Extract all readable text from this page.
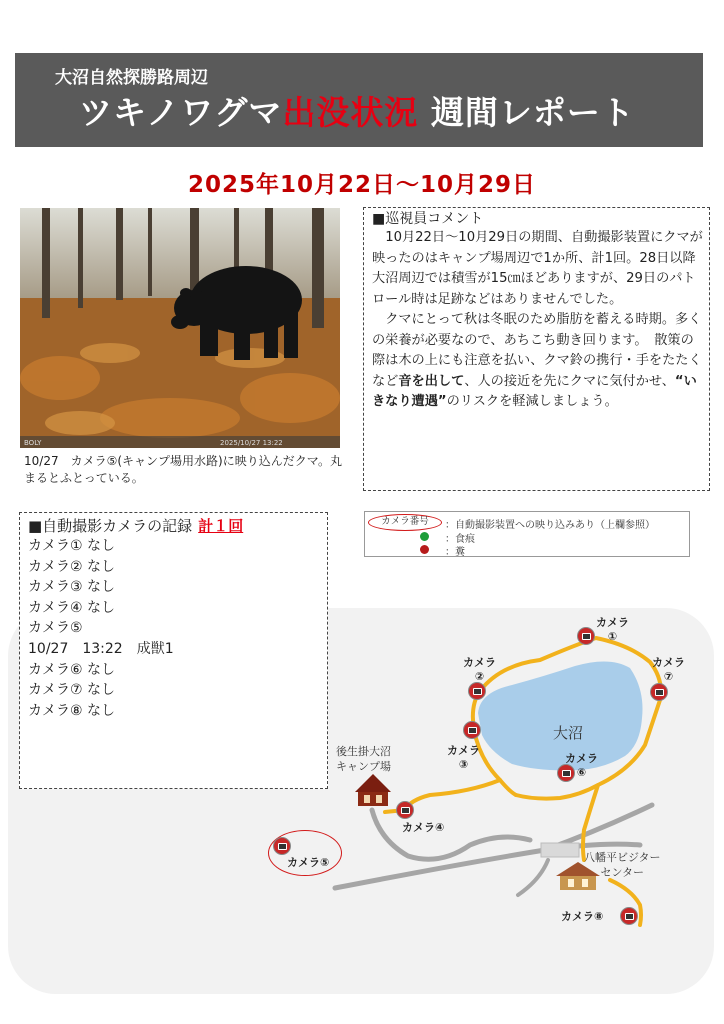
大沼自然探勝路周辺
ツキノワグマ出没状況 週間レポート
2025年10月22日～10月29日
BOLY	2025/10/27 13:22
10/27　カメラ⑤(キャンプ場用水路)に映り込んだクマ。丸まるとふとっている。
■巡視員コメント

10月22日～10月29日の期間、自動撮影装置にクマが映ったのはキャンプ場周辺で1か所、計1回。28日以降大沼周辺では積雪が15㎝ほどありますが、29日のパトロール時は足跡などはありませんでした。

クマにとって秋は冬眠のため脂肪を蓄える時期。多くの栄養が必要なので、あちこち動き回ります。　散策の際は木の上にも注意を払い、クマ鈴の携行・手をたたくなど音を出して、人の接近を先にクマに気付かせ、“いきなり遭遇”のリスクを軽減しましょう。

大沼
後生掛大沼
キャンプ場
八幡平ビジター
センター
カメラ
①
カメラ
②
カメラ
③
カメラ④
カメラ⑤
カメラ
⑥
カメラ
⑦
カメラ⑧
カメラ番号	：自動撮影装置への映り込みあり（上欄参照）
：食痕
：糞
■自動撮影カメラの記録 計１回
カメラ① なし
カメラ② なし
カメラ③ なし
カメラ④ なし
カメラ⑤
10/27 13:22 成獣1
カメラ⑥ なし
カメラ⑦ なし
カメラ⑧ なし
